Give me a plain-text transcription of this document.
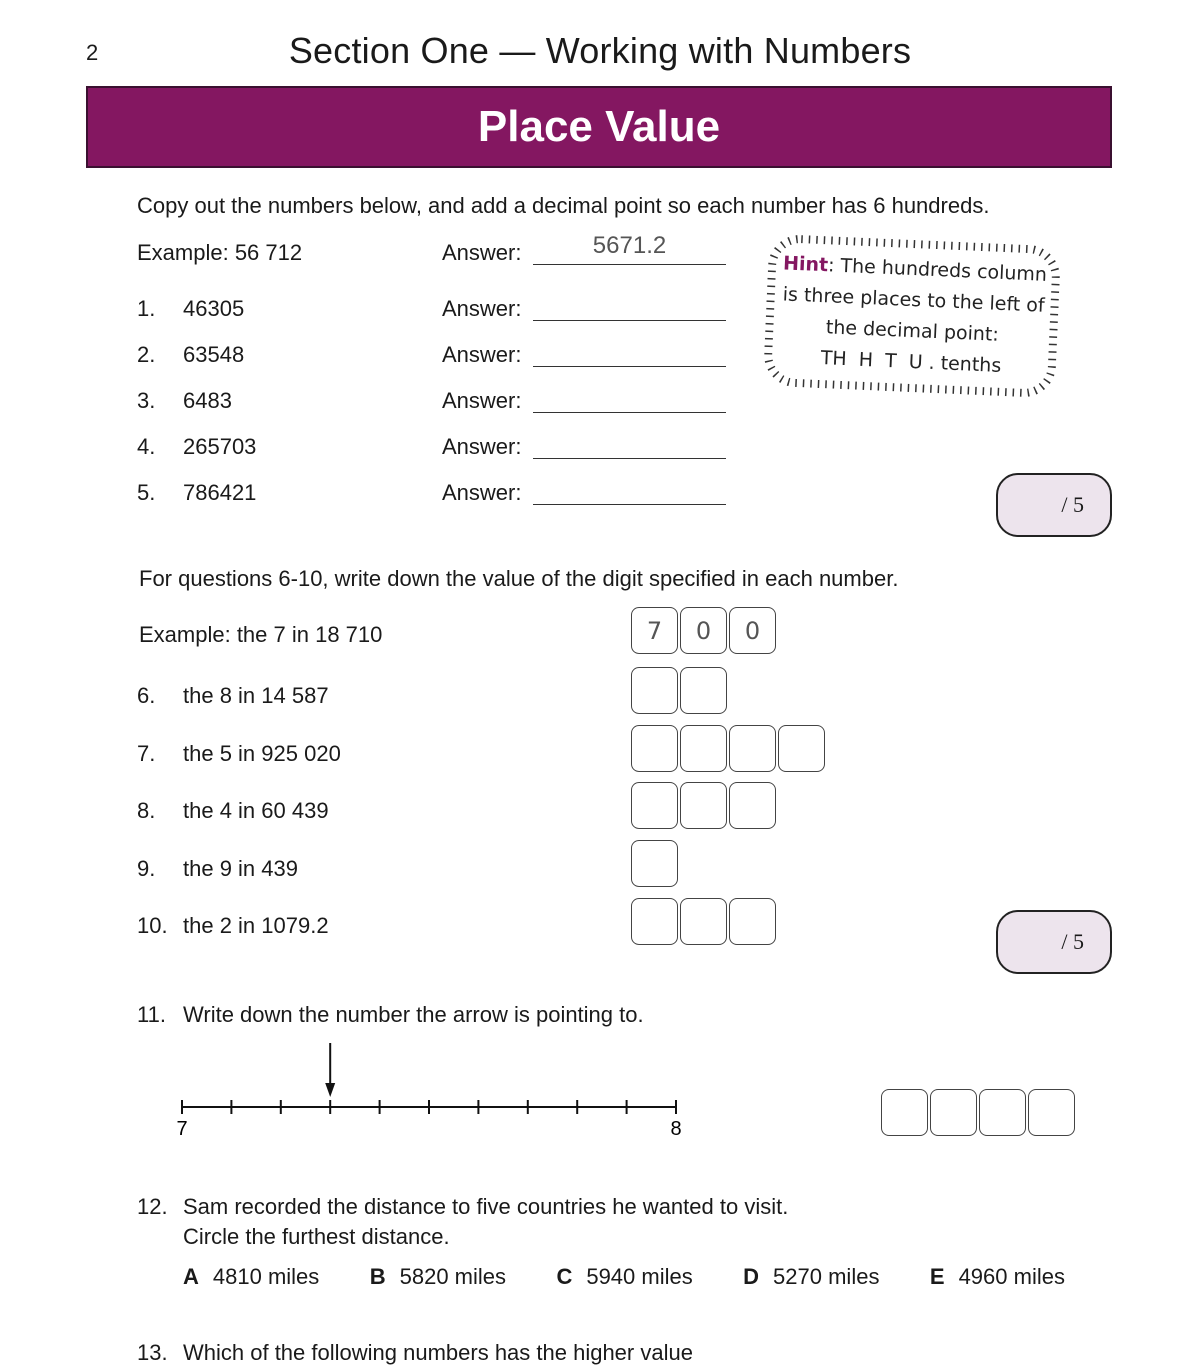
2	Section One — Working with Numbers
Place Value
Copy out the numbers below, and add a decimal point so each number has 6 hundreds.
Example: 56 712	Answer:	5671.2
1. 46305	Answer:
2. 63548	Answer:
3. 6483	Answer:
4. 265703	Answer:
5. 786421	Answer:
Hint: The hundreds column
is three places to the left of
the decimal point:
TH  H  T  U . tenths
/ 5
For questions 6-10, write down the value of the digit specified in each number.
Example: the 7 in 18 710	7	0	0
6. the 8 in 14 587
7. the 5 in 925 020
8. the 4 in 60 439
9. the 9 in 439
10. the 2 in 1079.2
/ 5
11. Write down the number the arrow is pointing to.
7	8
12. Sam recorded the distance to five countries he wanted to visit.
Circle the furthest distance.
A 4810 miles B 5820 miles C 5940 miles D 5270 miles E 4960 miles
13. Which of the following numbers has the higher value
